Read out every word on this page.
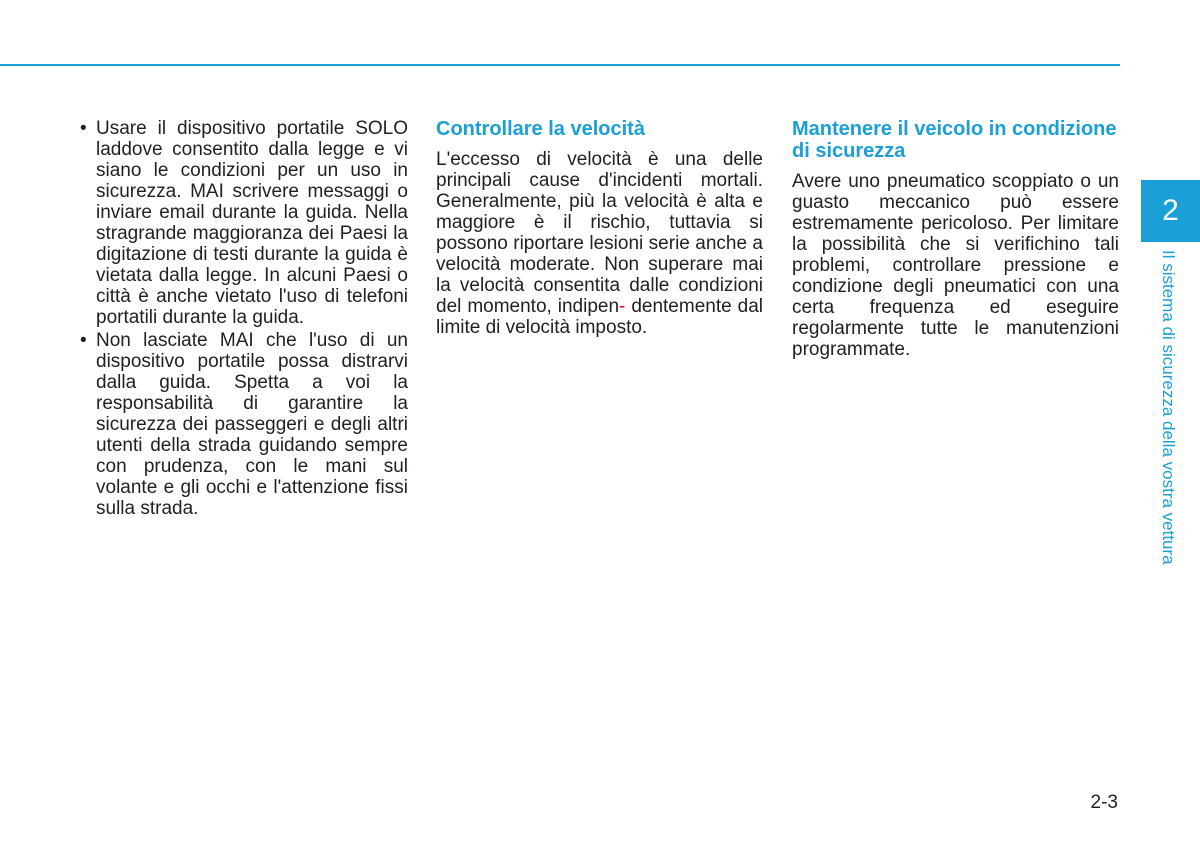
• Usare il dispositivo portatile SOLO laddove consentito dalla legge e vi siano le condizioni per un uso in sicurezza. MAI scrivere messaggi o inviare email durante la guida. Nella stragrande maggioranza dei Paesi la digitazione di testi durante la guida è vietata dalla legge. In alcuni Paesi o città è anche vietato l'uso di telefoni portatili durante la guida.
• Non lasciate MAI che l'uso di un dispositivo portatile possa distrarvi dalla guida. Spetta a voi la responsabilità di garantire la sicurezza dei passeggeri e degli altri utenti della strada guidando sempre con prudenza, con le mani sul volante e gli occhi e l'attenzione fissi sulla strada.
Controllare la velocità

L'eccesso di velocità è una delle principali cause d'incidenti mortali. Generalmente, più la velocità è alta e maggiore è il rischio, tuttavia si possono riportare lesioni serie anche a velocità moderate. Non superare mai la velocità consentita dalle condizioni del momento, indipen- dentemente dal limite di velocità imposto.

Mantenere il veicolo in condizione di sicurezza

Avere uno pneumatico scoppiato o un guasto meccanico può essere estremamente pericoloso. Per limitare la possibilità che si verifichino tali problemi, controllare pressione e condizione degli pneumatici con una certa frequenza ed eseguire regolarmente tutte le manutenzioni programmate.

2
Il sistema di sicurezza della vostra vettura
2-3
